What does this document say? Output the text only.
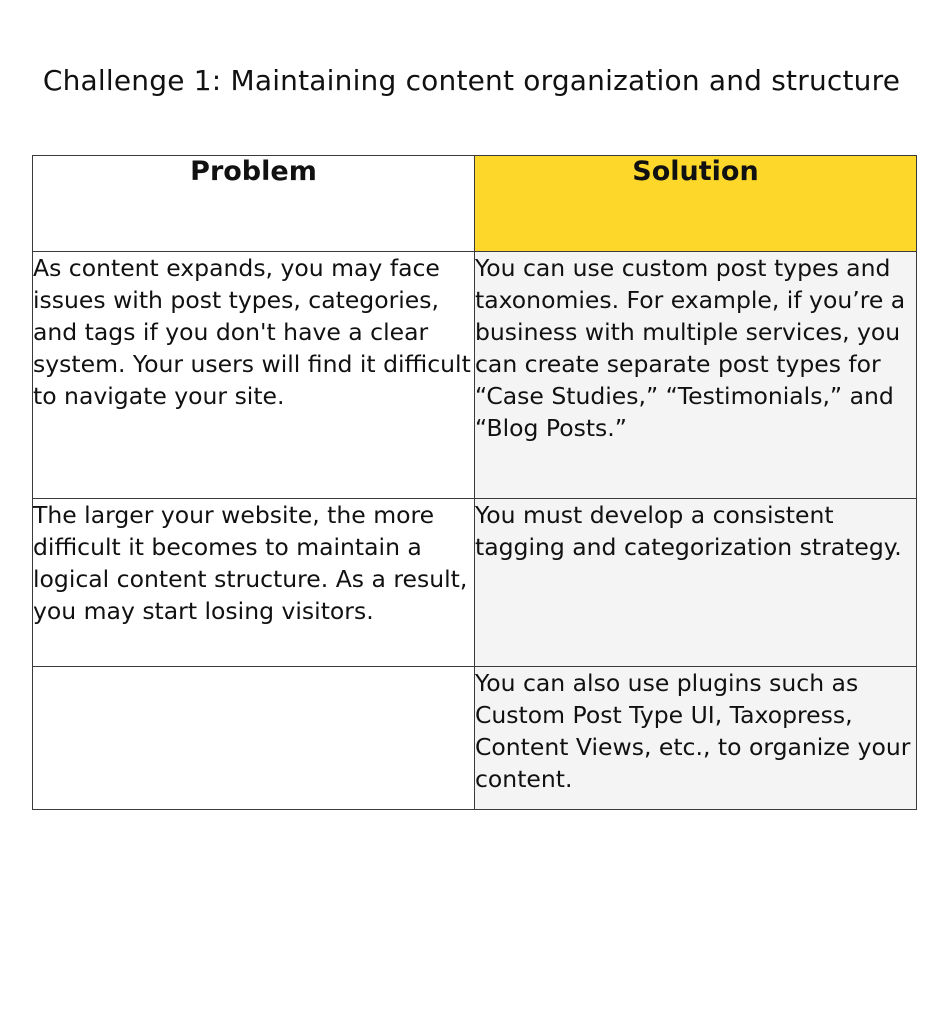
Challenge 1: Maintaining content organization and structure
Problem	Solution
As content expands, you may face issues with post types, categories, and tags if you don't have a clear system. Your users will find it difficult to navigate your site.	You can use custom post types and taxonomies. For example, if you’re a business with multiple services, you can create separate post types for “Case Studies,” “Testimonials,” and “Blog Posts.”
The larger your website, the more difficult it becomes to maintain a logical content structure. As a result, you may start losing visitors.	You must develop a consistent tagging and categorization strategy.
	You can also use plugins such as Custom Post Type UI, Taxopress, Content Views, etc., to organize your content.
